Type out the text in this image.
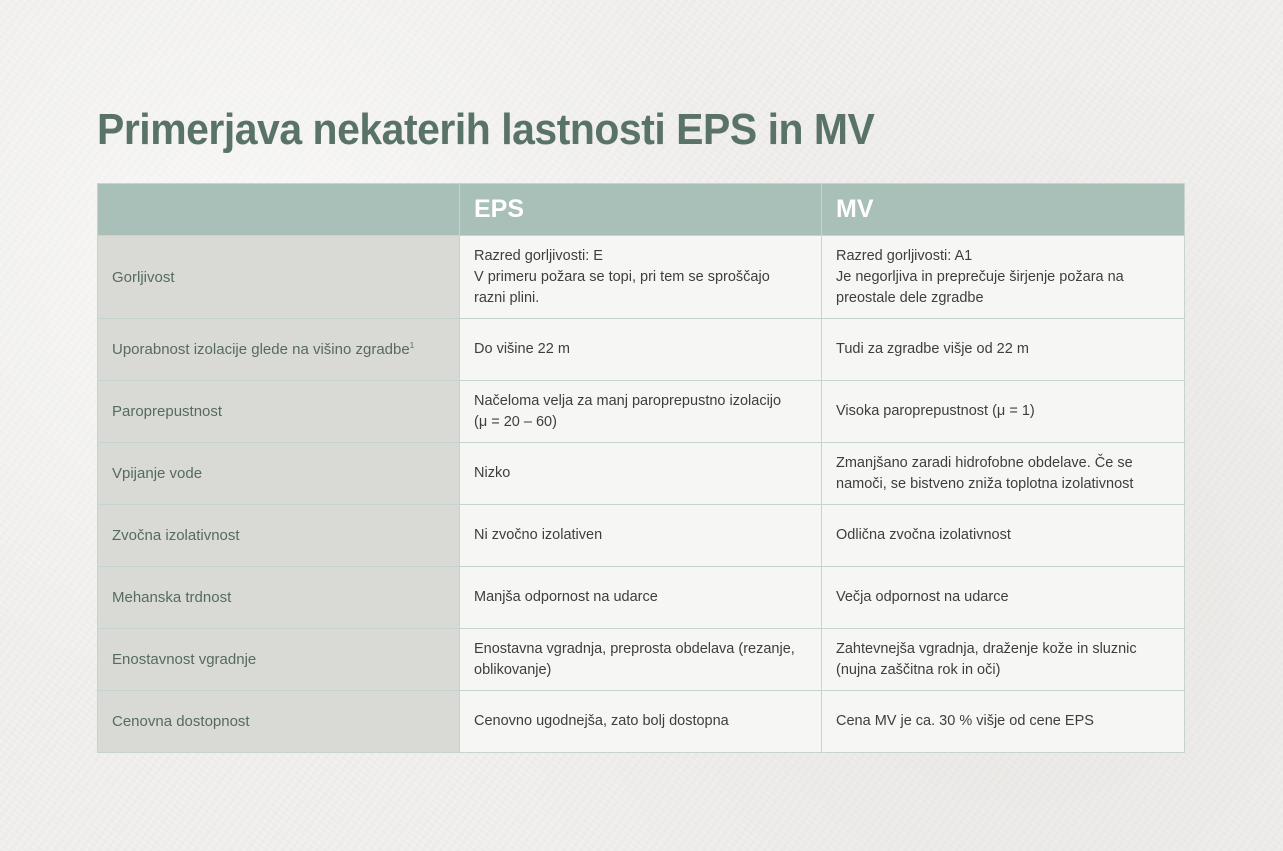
Primerjava nekaterih lastnosti EPS in MV
	EPS	MV

Gorljivost	Razred gorljivosti: E
V primeru požara se topi, pri tem se sproščajo
razni plini.	Razred gorljivosti: A1
Je negorljiva in preprečuje širjenje požara na
preostale dele zgradbe

Uporabnost izolacije glede na višino zgradbe$^1$	Do višine 22 m	Tudi za zgradbe višje od 22 m

Paroprepustnost	Načeloma velja za manj paroprepustno izolacijo
(μ = 20 – 60)	Visoka paroprepustnost (μ = 1)

Vpijanje vode	Nizko	Zmanjšano zaradi hidrofobne obdelave. Če se
namoči, se bistveno zniža toplotna izolativnost

Zvočna izolativnost	Ni zvočno izolativen	Odlična zvočna izolativnost

Mehanska trdnost	Manjša odpornost na udarce	Večja odpornost na udarce

Enostavnost vgradnje	Enostavna vgradnja, preprosta obdelava (rezanje,
oblikovanje)	Zahtevnejša vgradnja, draženje kože in sluznic
(nujna zaščitna rok in oči)

Cenovna dostopnost	Cenovno ugodnejša, zato bolj dostopna	Cena MV je ca. 30 % višje od cene EPS
